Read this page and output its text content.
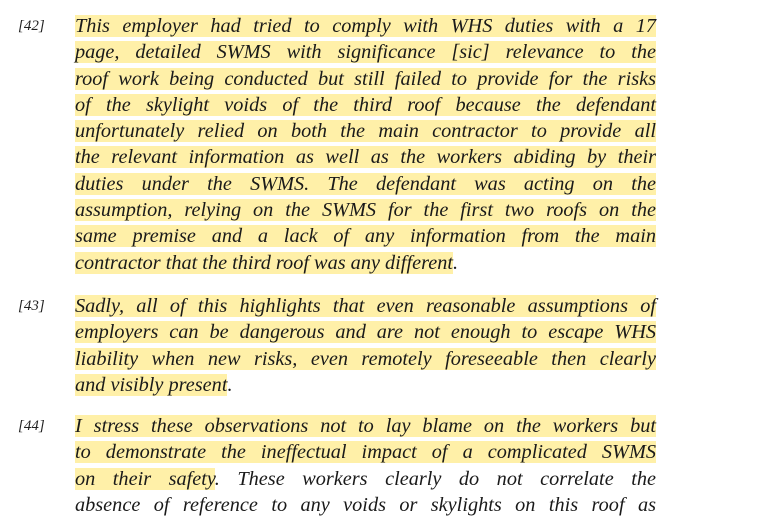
[42] This employer had tried to comply with WHS duties with a 17
page, detailed SWMS with significance [sic] relevance to the
roof work being conducted but still failed to provide for the risks
of the skylight voids of the third roof because the defendant
unfortunately relied on both the main contractor to provide all
the relevant information as well as the workers abiding by their
duties under the SWMS. The defendant was acting on the
assumption, relying on the SWMS for the first two roofs on the
same premise and a lack of any information from the main
contractor that the third roof was any different.
[43] Sadly, all of this highlights that even reasonable assumptions of
employers can be dangerous and are not enough to escape WHS
liability when new risks, even remotely foreseeable then clearly
and visibly present.
[44] I stress these observations not to lay blame on the workers but
to demonstrate the ineffectual impact of a complicated SWMS
on their safety. These workers clearly do not correlate the
absence of reference to any voids or skylights on this roof as
